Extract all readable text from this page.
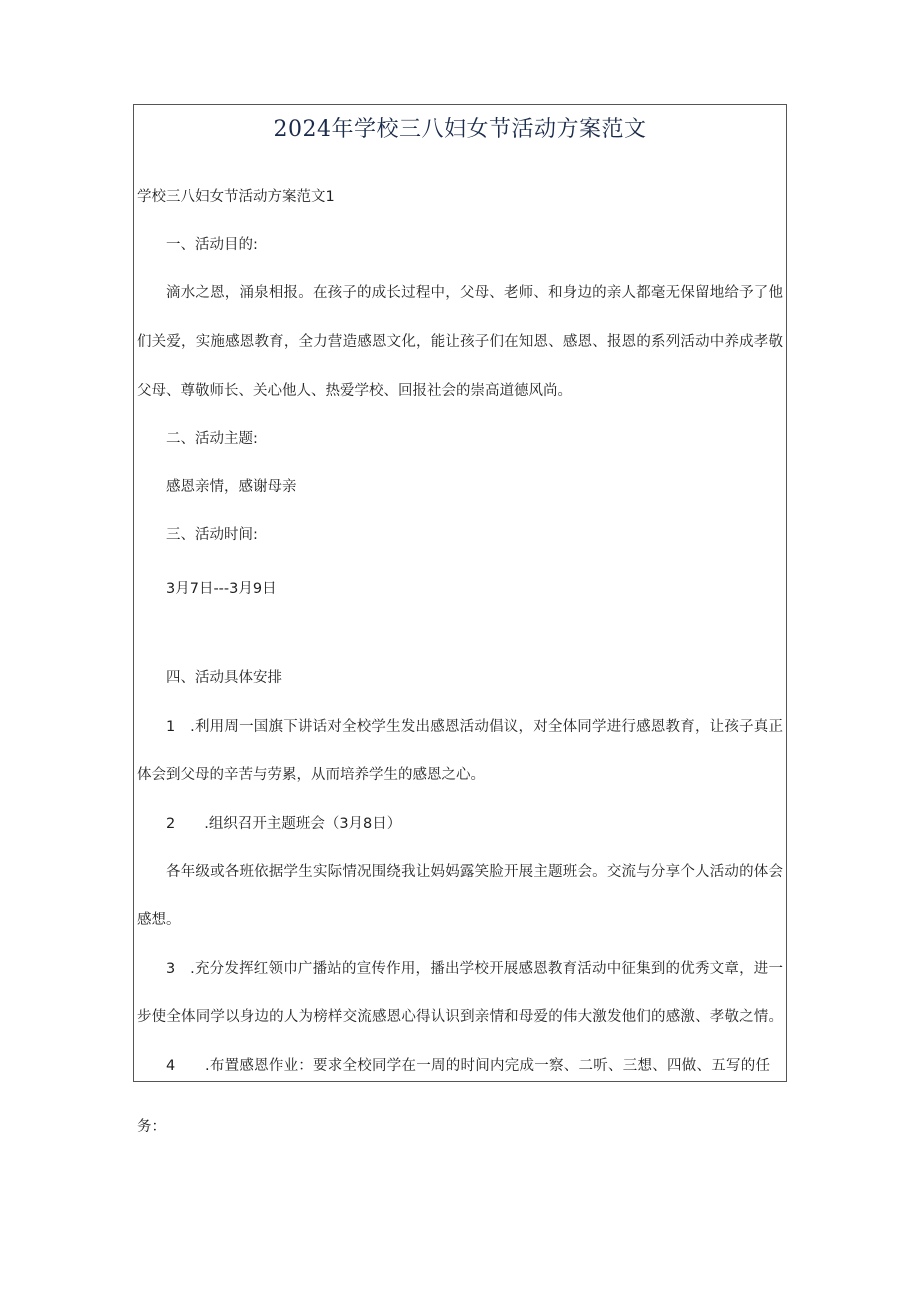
2024年学校三八妇女节活动方案范文
学校三八妇女节活动方案范文1
一、活动目的:
滴水之恩，涌泉相报。在孩子的成长过程中，父母、老师、和身边的亲人都毫无保留地给予了他
们关爱，实施感恩教育，全力营造感恩文化，能让孩子们在知恩、感恩、报恩的系列活动中养成孝敬
父母、尊敬师长、关心他人、热爱学校、回报社会的崇高道德风尚。
二、活动主题:
感恩亲情，感谢母亲
三、活动时间:
3月7日---3月9日
四、活动具体安排
1　.利用周一国旗下讲话对全校学生发出感恩活动倡议，对全体同学进行感恩教育，让孩子真正
体会到父母的辛苦与劳累，从而培养学生的感恩之心。
2　　.组织召开主题班会（3月8日）
各年级或各班依据学生实际情况围绕我让妈妈露笑脸开展主题班会。交流与分享个人活动的体会
感想。
3　.充分发挥红领巾广播站的宣传作用，播出学校开展感恩教育活动中征集到的优秀文章，进一
步使全体同学以身边的人为榜样交流感恩心得认识到亲情和母爱的伟大激发他们的感激、孝敬之情。
4　　.布置感恩作业：要求全校同学在一周的时间内完成一察、二听、三想、四做、五写的任
务：
